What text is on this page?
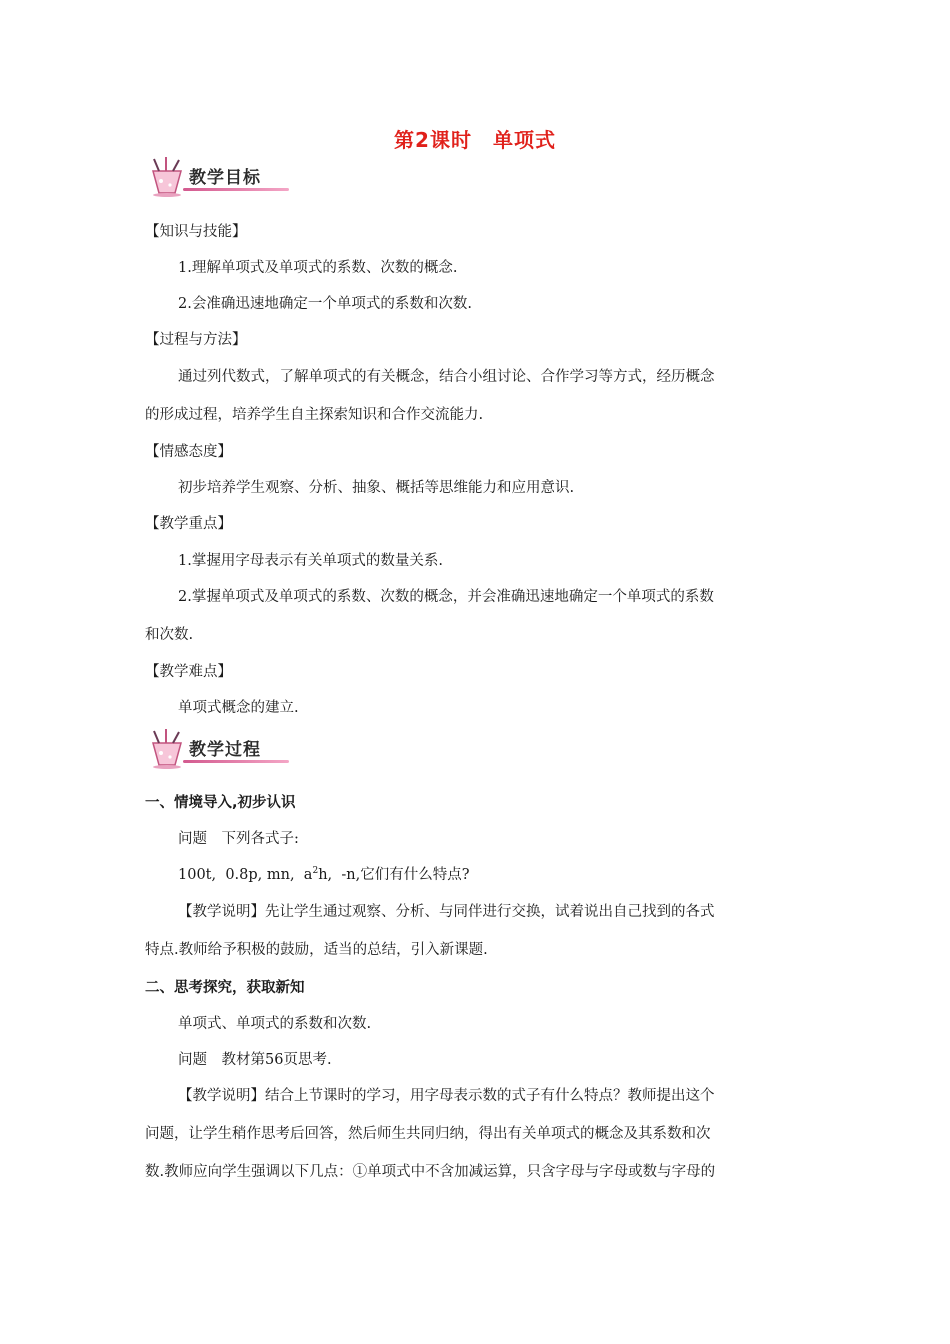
第2课时　单项式
教学目标
【知识与技能】
1.理解单项式及单项式的系数、次数的概念.
2.会准确迅速地确定一个单项式的系数和次数.
【过程与方法】
通过列代数式，了解单项式的有关概念，结合小组讨论、合作学习等方式，经历概念
的形成过程，培养学生自主探索知识和合作交流能力.
【情感态度】
初步培养学生观察、分析、抽象、概括等思维能力和应用意识.
【教学重点】
1.掌握用字母表示有关单项式的数量关系.
2.掌握单项式及单项式的系数、次数的概念，并会准确迅速地确定一个单项式的系数
和次数.
【教学难点】
单项式概念的建立.
教学过程
一、情境导入,初步认识
问题　下列各式子:
100t,  0.8p, mn,  $a^2h$,  -n,它们有什么特点?
【教学说明】先让学生通过观察、分析、与同伴进行交换，试着说出自己找到的各式
特点.教师给予积极的鼓励，适当的总结，引入新课题.
二、思考探究，获取新知
单项式、单项式的系数和次数.
问题　教材第56页思考.
【教学说明】结合上节课时的学习，用字母表示数的式子有什么特点？教师提出这个
问题，让学生稍作思考后回答，然后师生共同归纳，得出有关单项式的概念及其系数和次
数.教师应向学生强调以下几点：①单项式中不含加减运算，只含字母与字母或数与字母的
